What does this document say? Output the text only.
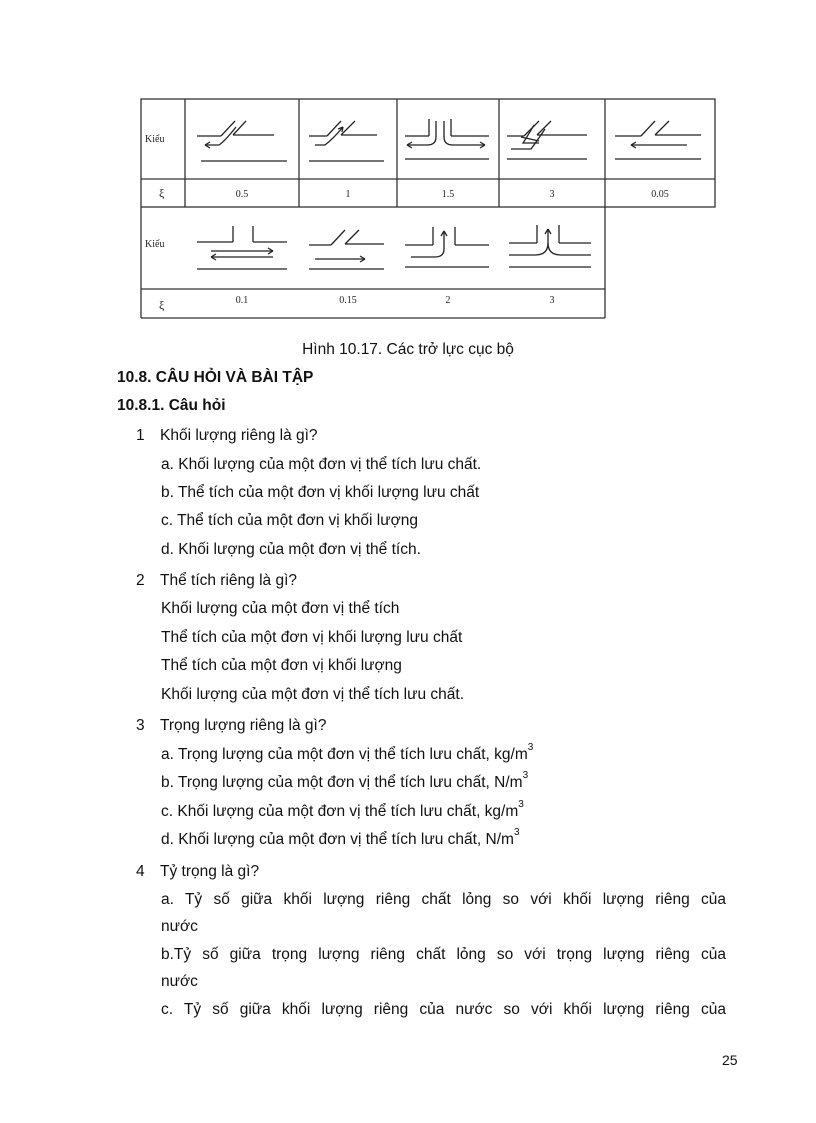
Kiểu
ξ	0.5	1	1.5	3	0.05
Kiểu
ξ	0.1	0.15	2	3
Hình 10.17. Các trở lực cục bộ
10.8. CÂU HỎI VÀ BÀI TẬP
10.8.1. Câu hỏi
1 Khối lượng riêng là gì?
a. Khối lượng của một đơn vị thể tích lưu chất.
b. Thể tích của một đơn vị khối lượng lưu chất
c. Thể tích của một đơn vị khối lượng
d. Khối lượng của một đơn vị thể tích.
2 Thể tích riêng là gì?
Khối lượng của một đơn vị thể tích
Thể tích của một đơn vị khối lượng lưu chất
Thể tích của một đơn vị khối lượng
Khối lượng của một đơn vị thể tích lưu chất.
3 Trọng lượng riêng là gì?
a. Trọng lượng của một đơn vị thể tích lưu chất, $kg/m^3$
b. Trọng lượng của một đơn vị thể tích lưu chất, $N/m^3$
c. Khối lượng của một đơn vị thể tích lưu chất, $kg/m^3$
d. Khối lượng của một đơn vị thể tích lưu chất, $N/m^3$
4 Tỷ trọng là gì?
a. Tỷ số giữa khối lượng riêng chất lỏng so với khối lượng riêng của
nước
b.Tỷ số giữa trọng lượng riêng chất lỏng so với trọng lượng riêng của
nước
c. Tỷ số giữa khối lượng riêng của nước so với khối lượng riêng của
25
